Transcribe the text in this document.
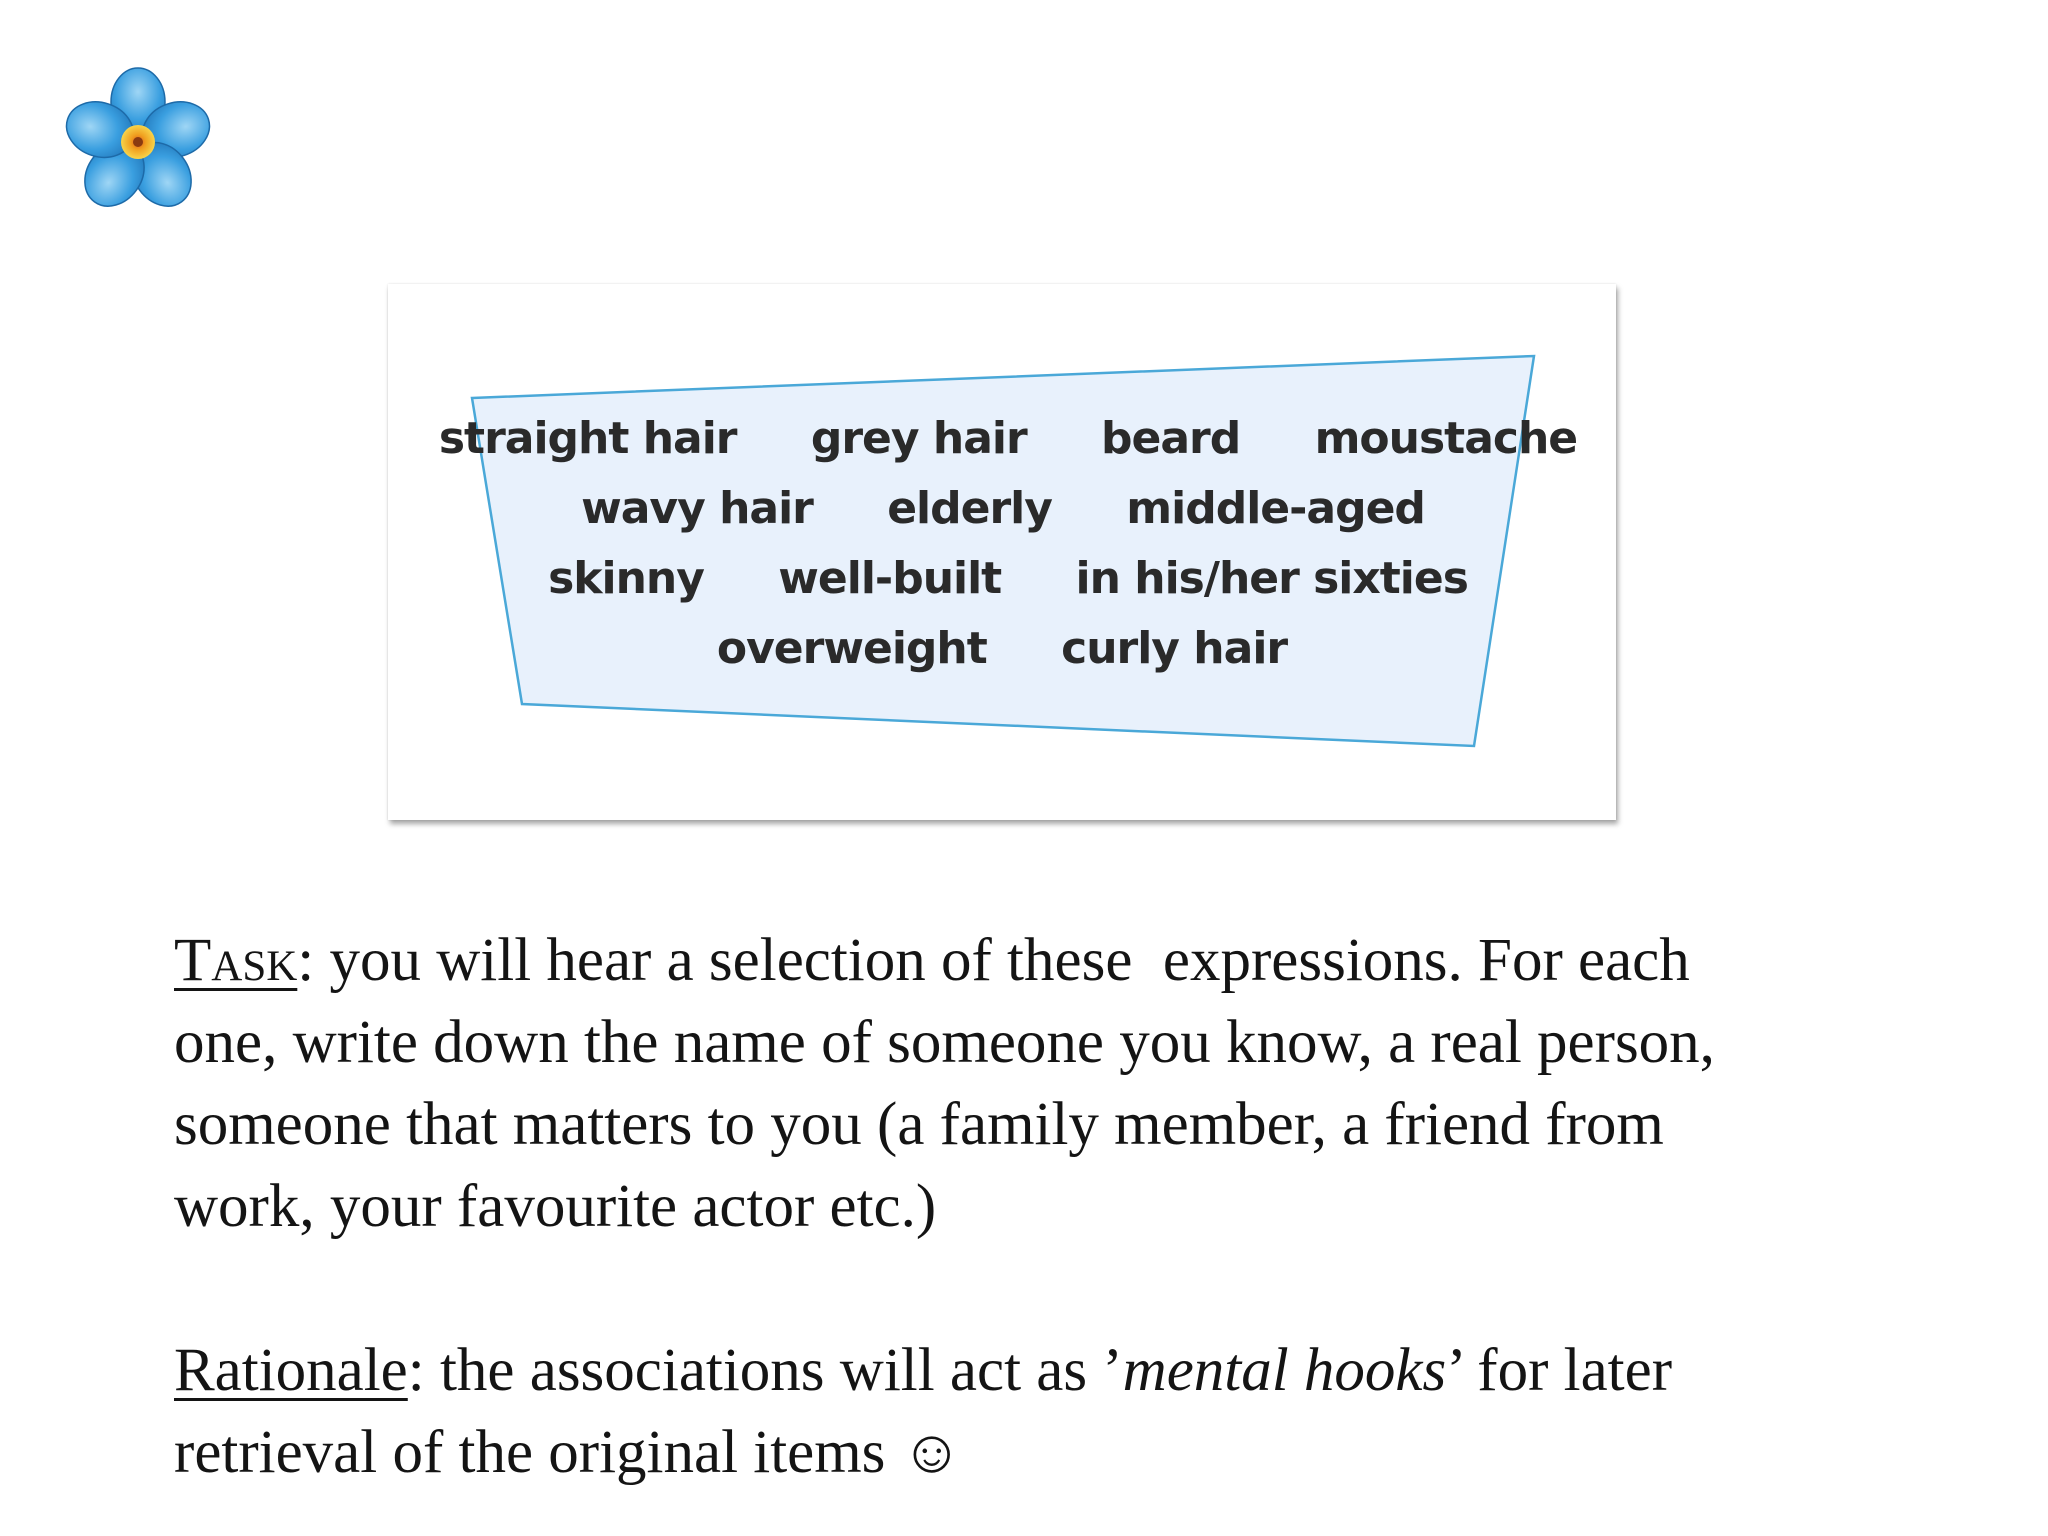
straight hair grey hair beard moustache
wavy hair elderly middle-aged
skinny well-built in his/her sixties
overweight curly hair

Task: you will hear a selection of these  expressions. For each
one, write down the name of someone you know, a real person,
someone that matters to you (a family member, a friend from
work, your favourite actor etc.)

Rationale: the associations will act as ’mental hooks’ for later
retrieval of the original items ☺
